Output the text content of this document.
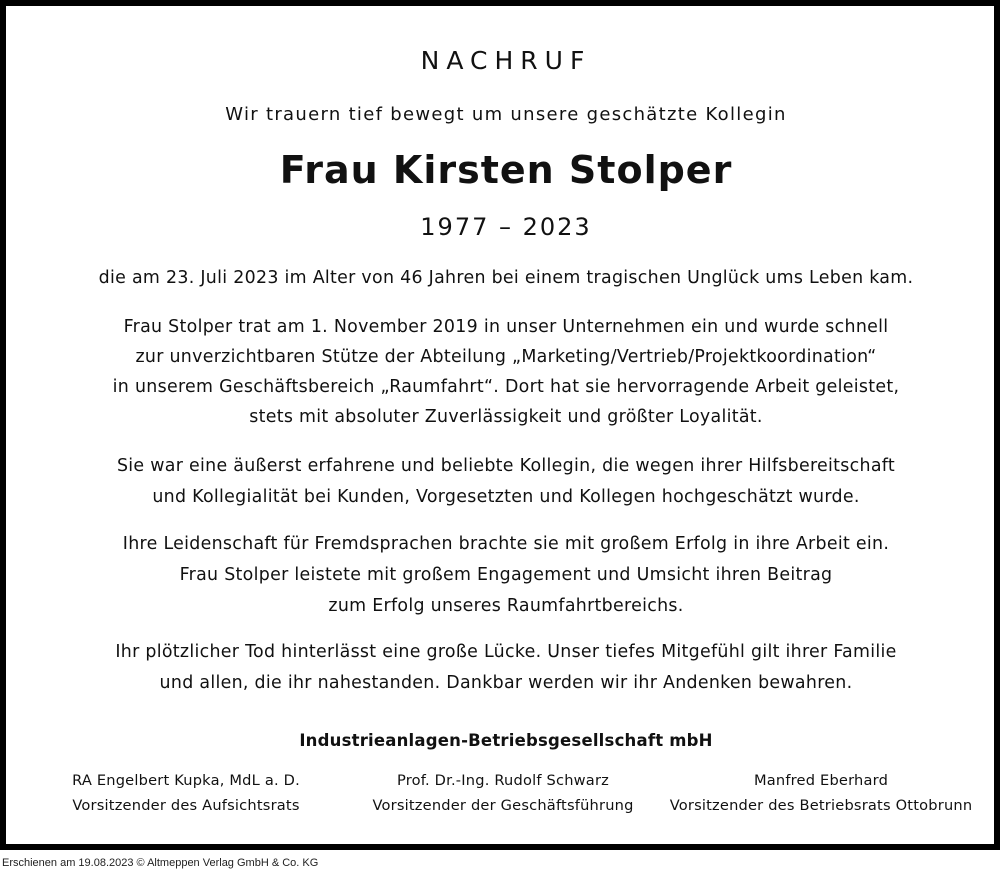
NACHRUF
Wir trauern tief bewegt um unsere geschätzte Kollegin
Frau Kirsten Stolper
1977 – 2023
die am 23. Juli 2023 im Alter von 46 Jahren bei einem tragischen Unglück ums Leben kam.
Frau Stolper trat am 1. November 2019 in unser Unternehmen ein und wurde schnell
zur unverzichtbaren Stütze der Abteilung „Marketing/Vertrieb/Projektkoordination“
in unserem Geschäftsbereich „Raumfahrt“. Dort hat sie hervorragende Arbeit geleistet,
stets mit absoluter Zuverlässigkeit und größter Loyalität.
Sie war eine äußerst erfahrene und beliebte Kollegin, die wegen ihrer Hilfsbereitschaft
und Kollegialität bei Kunden, Vorgesetzten und Kollegen hochgeschätzt wurde.
Ihre Leidenschaft für Fremdsprachen brachte sie mit großem Erfolg in ihre Arbeit ein.
Frau Stolper leistete mit großem Engagement und Umsicht ihren Beitrag
zum Erfolg unseres Raumfahrtbereichs.
Ihr plötzlicher Tod hinterlässt eine große Lücke. Unser tiefes Mitgefühl gilt ihrer Familie
und allen, die ihr nahestanden. Dankbar werden wir ihr Andenken bewahren.
Industrieanlagen-Betriebsgesellschaft mbH
RA Engelbert Kupka, MdL a. D.
Vorsitzender des Aufsichtsrats
Prof. Dr.-Ing. Rudolf Schwarz
Vorsitzender der Geschäftsführung
Manfred Eberhard
Vorsitzender des Betriebsrats Ottobrunn
Erschienen am 19.08.2023 © Altmeppen Verlag GmbH & Co. KG
